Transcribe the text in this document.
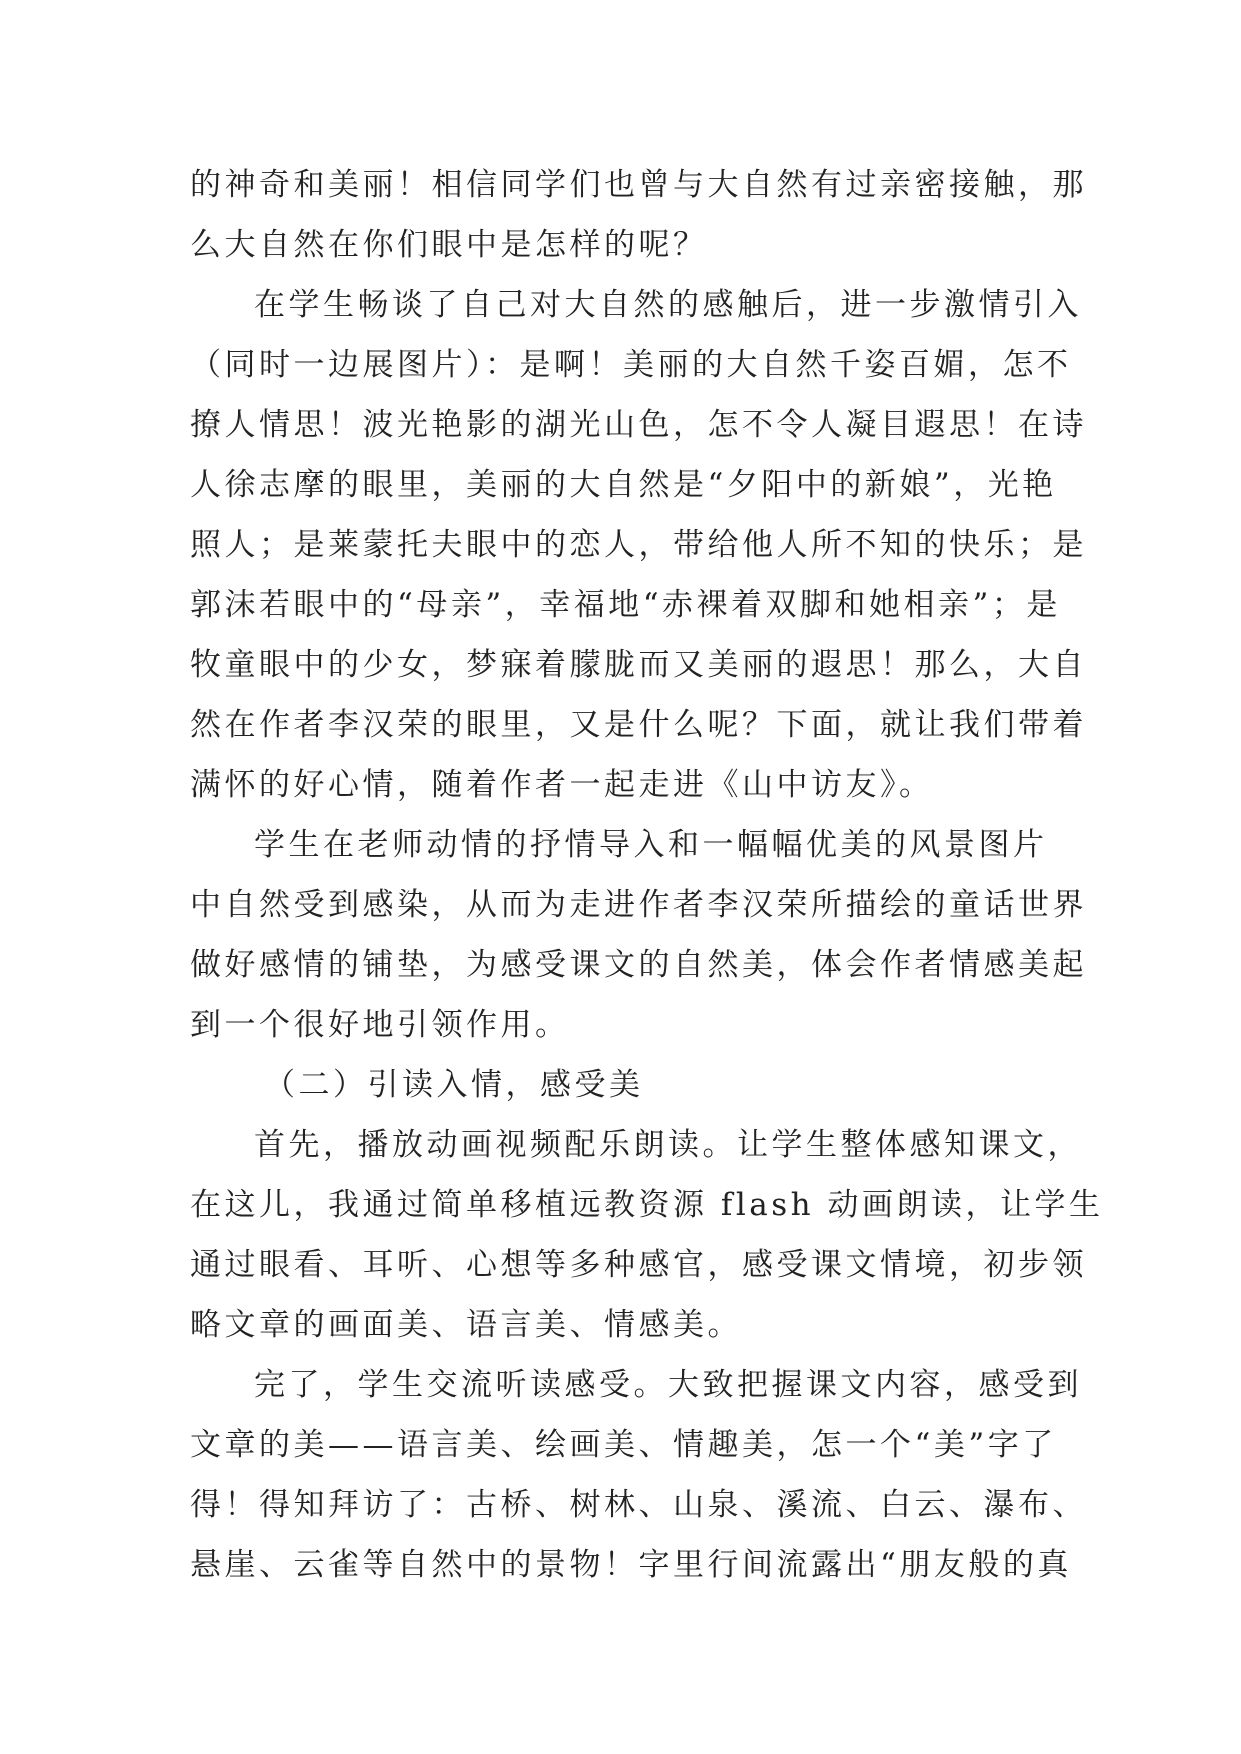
的神奇和美丽！相信同学们也曾与大自然有过亲密接触，那
么大自然在你们眼中是怎样的呢？
在学生畅谈了自己对大自然的感触后，进一步激情引入
（同时一边展图片）：是啊！美丽的大自然千姿百媚，怎不
撩人情思！波光艳影的湖光山色，怎不令人凝目遐思！在诗
人徐志摩的眼里，美丽的大自然是“夕阳中的新娘”，光艳
照人；是莱蒙托夫眼中的恋人，带给他人所不知的快乐；是
郭沫若眼中的“母亲”，幸福地“赤裸着双脚和她相亲”；是
牧童眼中的少女，梦寐着朦胧而又美丽的遐思！那么，大自
然在作者李汉荣的眼里，又是什么呢？下面，就让我们带着
满怀的好心情，随着作者一起走进《山中访友》。
学生在老师动情的抒情导入和一幅幅优美的风景图片
中自然受到感染，从而为走进作者李汉荣所描绘的童话世界
做好感情的铺垫，为感受课文的自然美，体会作者情感美起
到一个很好地引领作用。
（二）引读入情，感受美
首先，播放动画视频配乐朗读。让学生整体感知课文，
在这儿，我通过简单移植远教资源 flash 动画朗读，让学生
通过眼看、耳听、心想等多种感官，感受课文情境，初步领
略文章的画面美、语言美、情感美。
完了，学生交流听读感受。大致把握课文内容，感受到
文章的美——语言美、绘画美、情趣美，怎一个“美”字了
得！得知拜访了：古桥、树林、山泉、溪流、白云、瀑布、
悬崖、云雀等自然中的景物！字里行间流露出“朋友般的真
